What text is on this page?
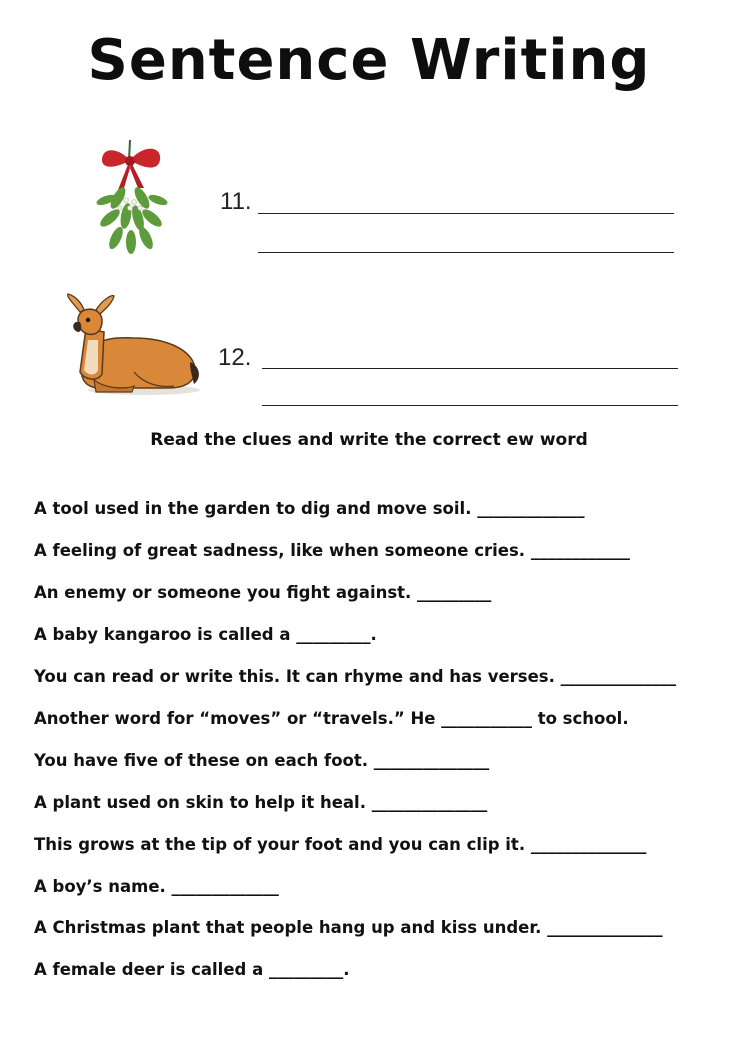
Sentence Writing
11.
12.
Read the clues and write the correct ew word
A tool used in the garden to dig and move soil. _____________
A feeling of great sadness, like when someone cries. ____________
An enemy or someone you fight against. _________
A baby kangaroo is called a _________.
You can read or write this. It can rhyme and has verses. ______________
Another word for “moves” or “travels.” He ___________ to school.
You have five of these on each foot. ______________
A plant used on skin to help it heal. ______________
This grows at the tip of your foot and you can clip it. ______________
A boy’s name. _____________
A Christmas plant that people hang up and kiss under. ______________
A female deer is called a _________.
